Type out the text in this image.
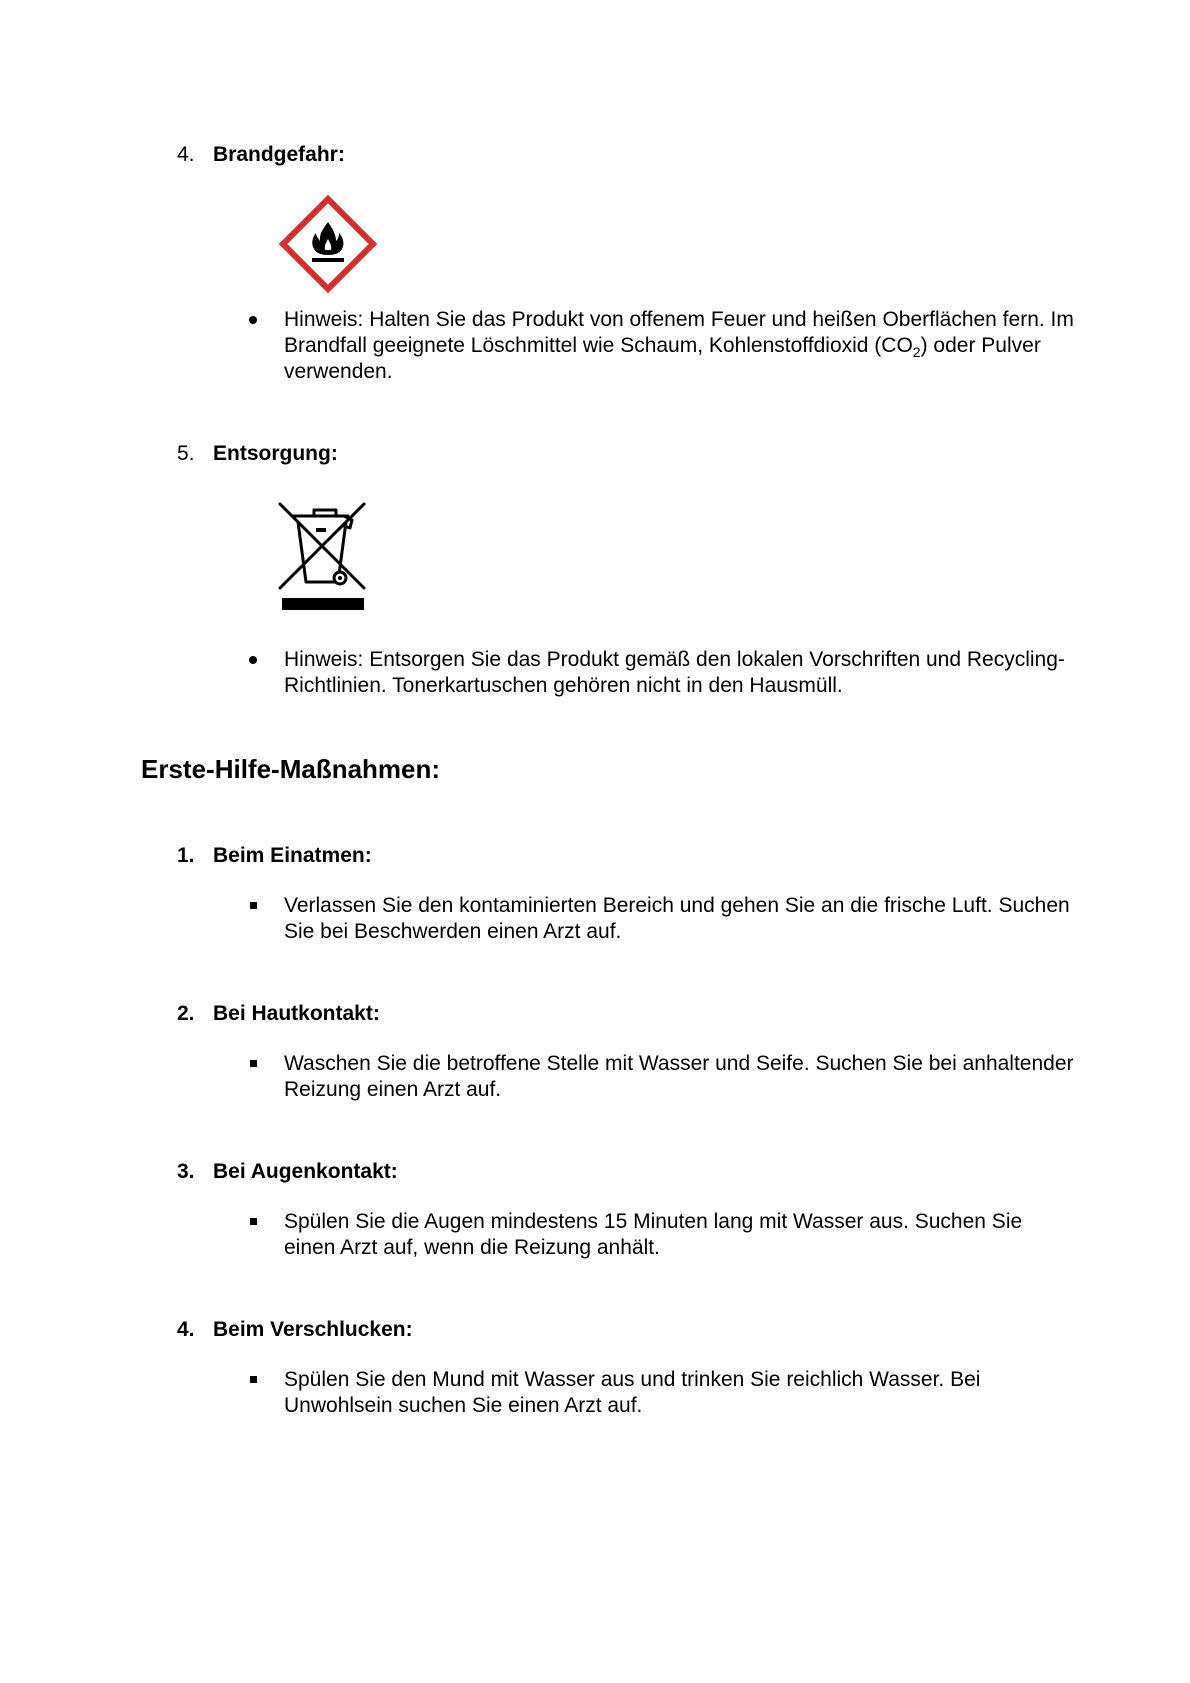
4. Brandgefahr:
Hinweis: Halten Sie das Produkt von offenem Feuer und heißen Oberflächen fern. Im Brandfall geeignete Löschmittel wie Schaum, Kohlenstoffdioxid $(CO_2)$ oder Pulver verwenden.
5. Entsorgung:
Hinweis: Entsorgen Sie das Produkt gemäß den lokalen Vorschriften und Recycling-Richtlinien. Tonerkartuschen gehören nicht in den Hausmüll.
Erste-Hilfe-Maßnahmen:
1. Beim Einatmen:
Verlassen Sie den kontaminierten Bereich und gehen Sie an die frische Luft. Suchen Sie bei Beschwerden einen Arzt auf.
2. Bei Hautkontakt:
Waschen Sie die betroffene Stelle mit Wasser und Seife. Suchen Sie bei anhaltender Reizung einen Arzt auf.
3. Bei Augenkontakt:
Spülen Sie die Augen mindestens 15 Minuten lang mit Wasser aus. Suchen Sie einen Arzt auf, wenn die Reizung anhält.
4. Beim Verschlucken:
Spülen Sie den Mund mit Wasser aus und trinken Sie reichlich Wasser. Bei Unwohlsein suchen Sie einen Arzt auf.
